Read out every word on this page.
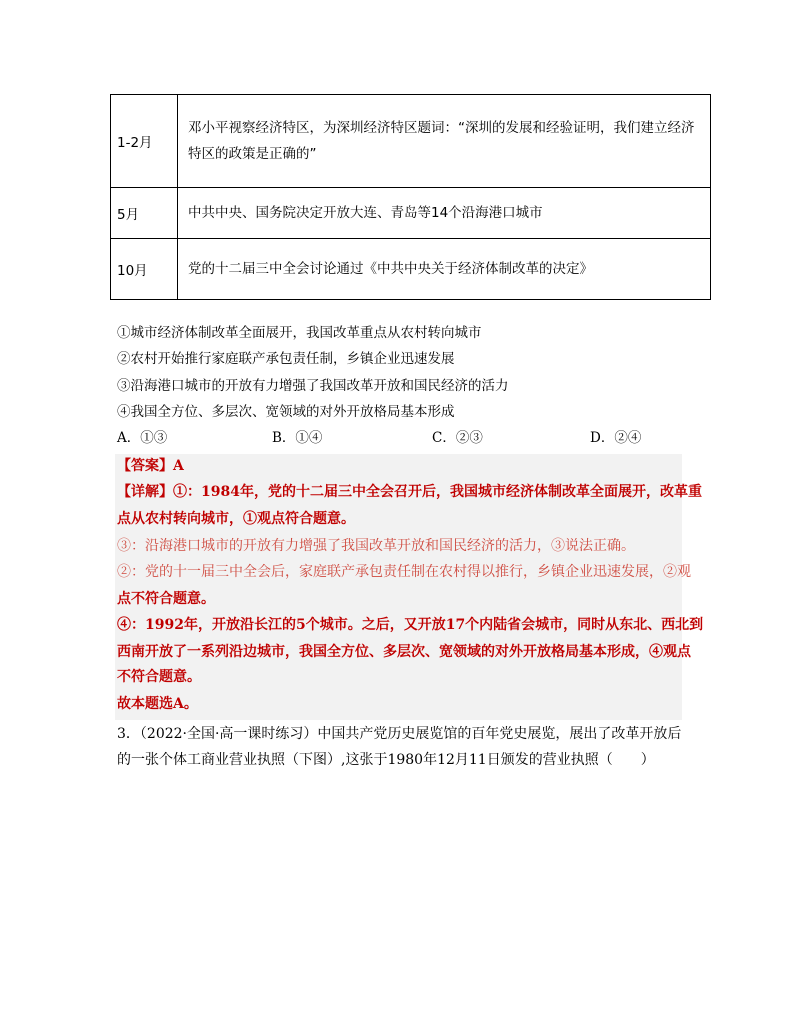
1-2月	邓小平视察经济特区，为深圳经济特区题词：“深圳的发展和经验证明，我们建立经济
特区的政策是正确的”

5月	中共中央、国务院决定开放大连、青岛等14个沿海港口城市

10月	党的十二届三中全会讨论通过《中共中央关于经济体制改革的决定》
①城市经济体制改革全面展开，我国改革重点从农村转向城市
②农村开始推行家庭联产承包责任制，乡镇企业迅速发展
③沿海港口城市的开放有力增强了我国改革开放和国民经济的活力
④我国全方位、多层次、宽领域的对外开放格局基本形成
A．①③	B．①④	C．②③	D．②④
【答案】A
【详解】①：1984年，党的十二届三中全会召开后，我国城市经济体制改革全面展开，改革重
点从农村转向城市，①观点符合题意。
③：沿海港口城市的开放有力增强了我国改革开放和国民经济的活力，③说法正确。
②：党的十一届三中全会后，家庭联产承包责任制在农村得以推行，乡镇企业迅速发展，②观
点不符合题意。
④：1992年，开放沿长江的5个城市。之后，又开放17个内陆省会城市，同时从东北、西北到
西南开放了一系列沿边城市，我国全方位、多层次、宽领域的对外开放格局基本形成，④观点
不符合题意。
故本题选A。
3．（2022·全国·高一课时练习）中国共产党历史展览馆的百年党史展览，展出了改革开放后
的一张个体工商业营业执照（下图）,这张于1980年12月11日颁发的营业执照（　　）
